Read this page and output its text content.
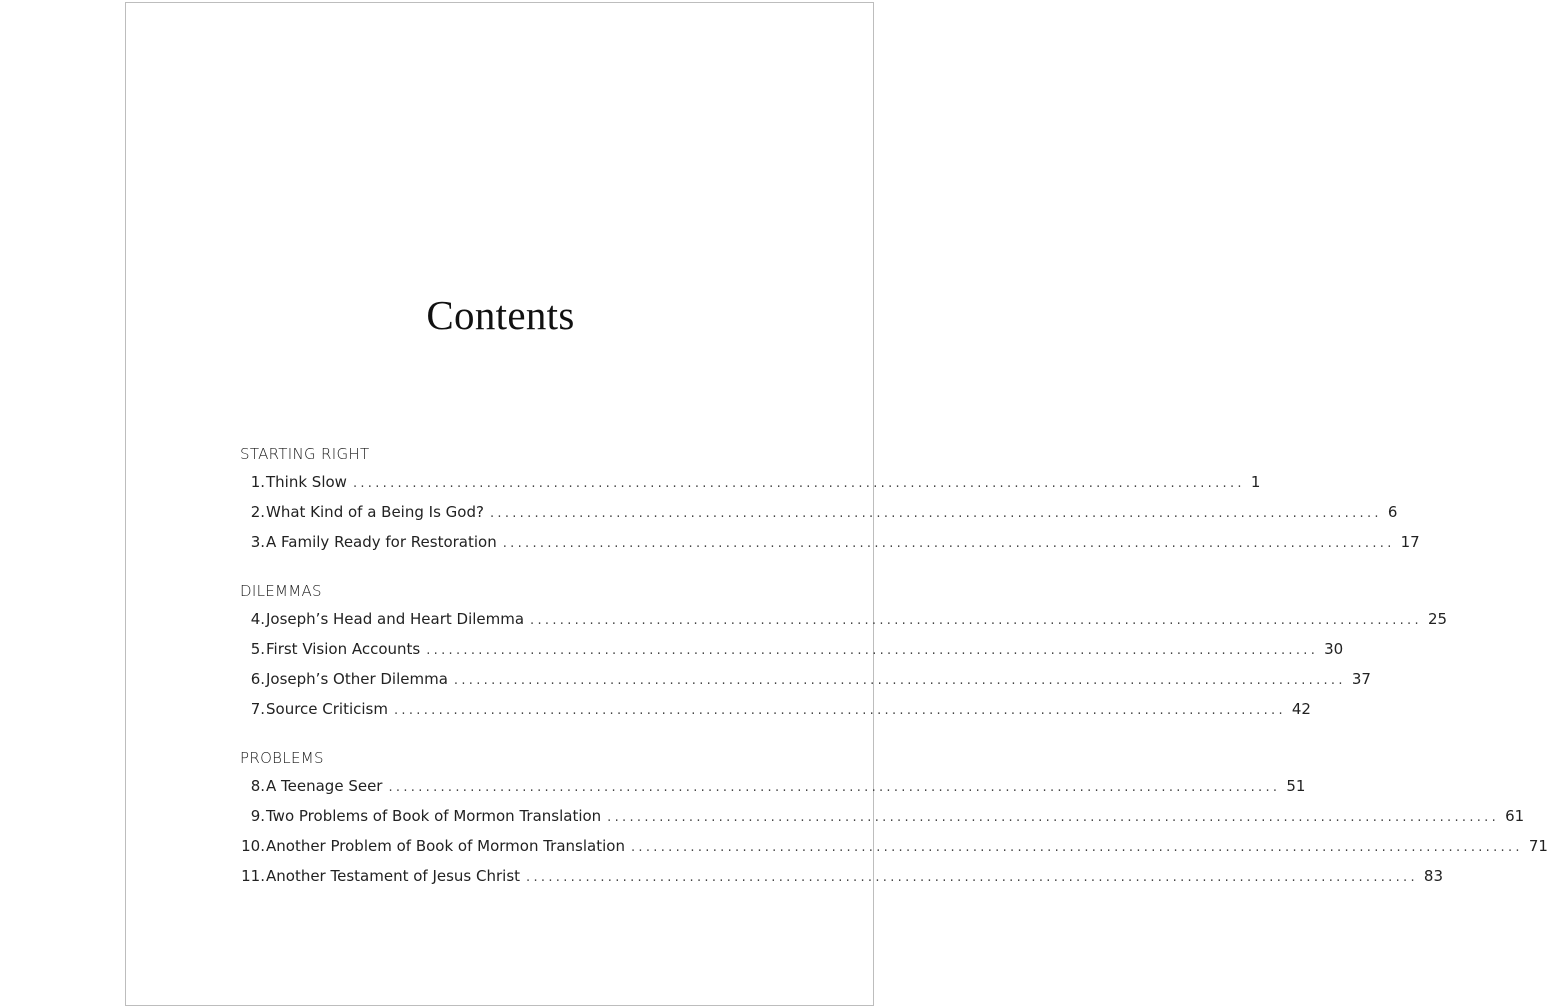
Contents
STARTING RIGHT
1. Think Slow ........................................................................................................................ 1
2. What Kind of a Being Is God? ........................................................................................................................ 6
3. A Family Ready for Restoration ........................................................................................................................ 17
DILEMMAS
4. Joseph’s Head and Heart Dilemma ........................................................................................................................ 25
5. First Vision Accounts ........................................................................................................................ 30
6. Joseph’s Other Dilemma ........................................................................................................................ 37
7. Source Criticism ........................................................................................................................ 42
PROBLEMS
8. A Teenage Seer ........................................................................................................................ 51
9. Two Problems of Book of Mormon Translation ........................................................................................................................ 61
10. Another Problem of Book of Mormon Translation ........................................................................................................................ 71
11. Another Testament of Jesus Christ ........................................................................................................................ 83
